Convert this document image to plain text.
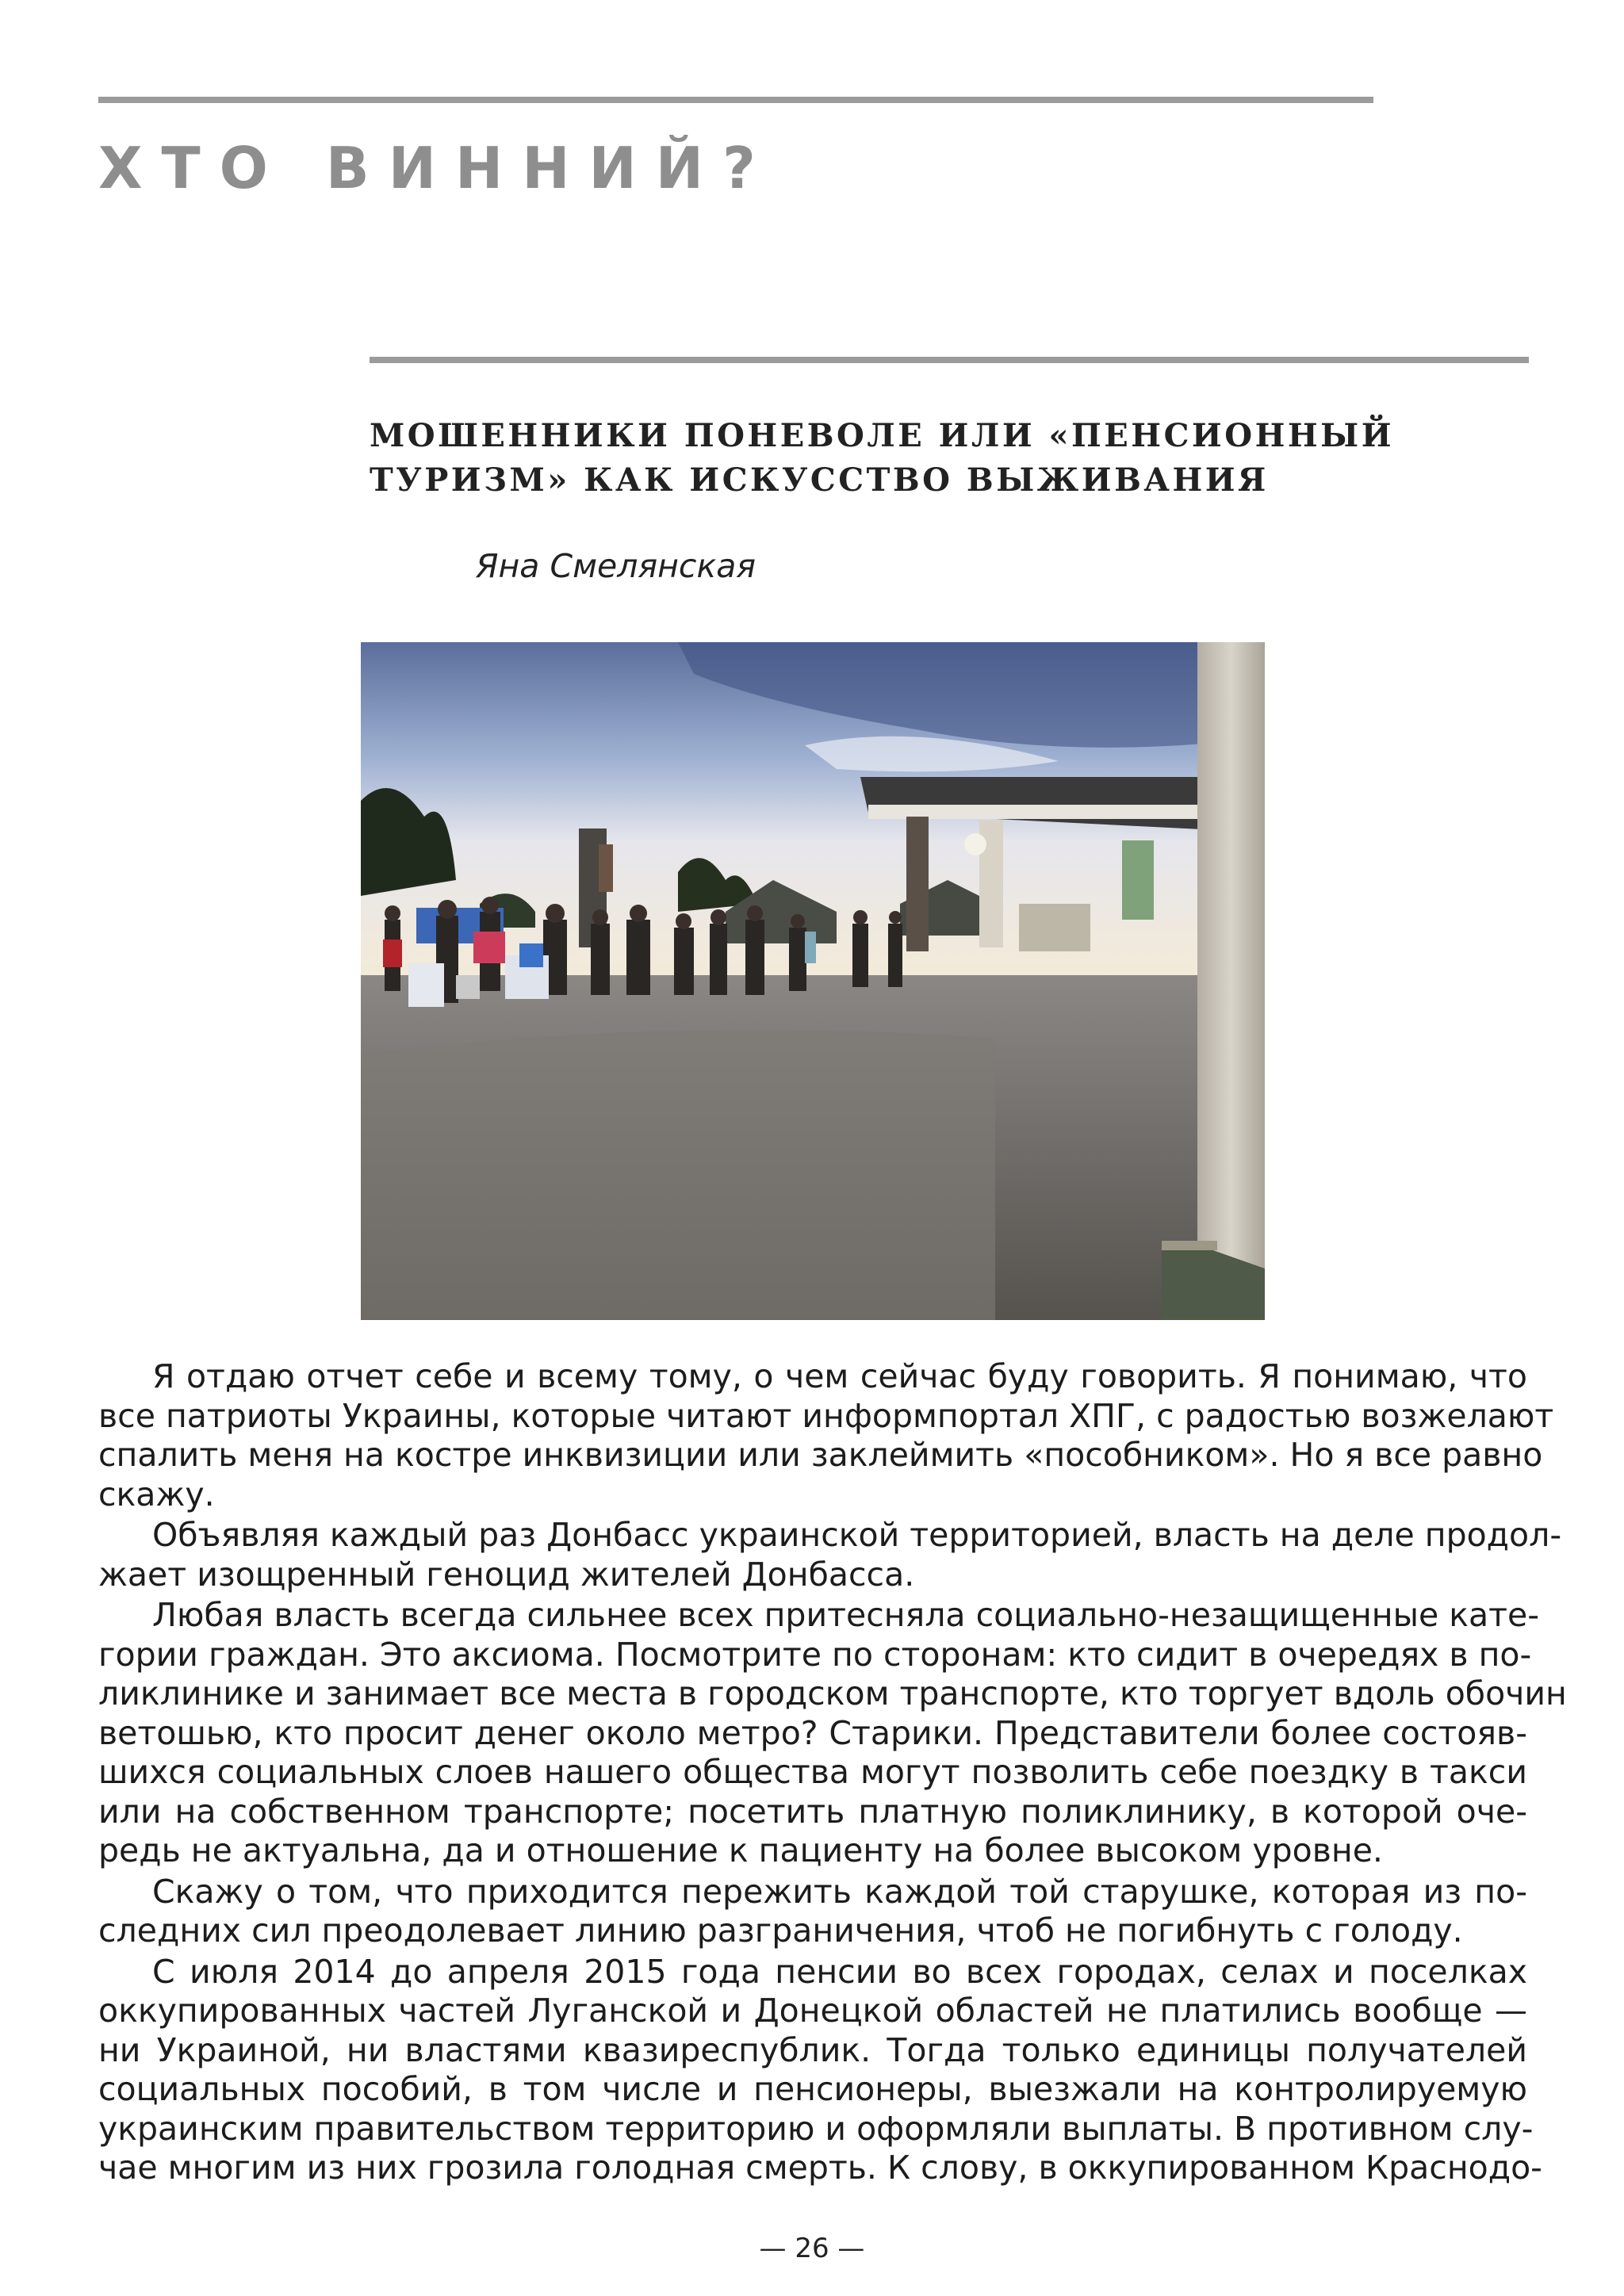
ХТО ВИННИЙ?
МОШЕННИКИ ПОНЕВОЛЕ ИЛИ «ПЕНСИОННЫЙ
ТУРИЗМ» КАК ИСКУССТВО ВЫЖИВАНИЯ
Яна Смелянская

Я отдаю отчет себе и всему тому, о чем сейчас буду говорить. Я понимаю, что
все патриоты Украины, которые читают информпортал ХПГ, с радостью возжелают
спалить меня на костре инквизиции или заклеймить «пособником». Но я все равно
скажу.

Объявляя каждый раз Донбасс украинской территорией, власть на деле продол-
жает изощренный геноцид жителей Донбасса.

Любая власть всегда сильнее всех притесняла социально-незащищенные кате-
гории граждан. Это аксиома. Посмотрите по сторонам: кто сидит в очередях в по-
ликлинике и занимает все места в городском транспорте, кто торгует вдоль обочин
ветошью, кто просит денег около метро? Старики. Представители более состояв-
шихся социальных слоев нашего общества могут позволить себе поездку в такси
или на собственном транспорте; посетить платную поликлинику, в которой оче-
редь не актуальна, да и отношение к пациенту на более высоком уровне.

Скажу о том, что приходится пережить каждой той старушке, которая из по-
следних сил преодолевает линию разграничения, чтоб не погибнуть с голоду.

С июля 2014 до апреля 2015 года пенсии во всех городах, селах и поселках
оккупированных частей Луганской и Донецкой областей не платились вообще —
ни Украиной, ни властями квазиреспублик. Тогда только единицы получателей
социальных пособий, в том числе и пенсионеры, выезжали на контролируемую
украинским правительством территорию и оформляли выплаты. В противном слу-
чае многим из них грозила голодная смерть. К слову, в оккупированном Краснодо-

— 26 —
